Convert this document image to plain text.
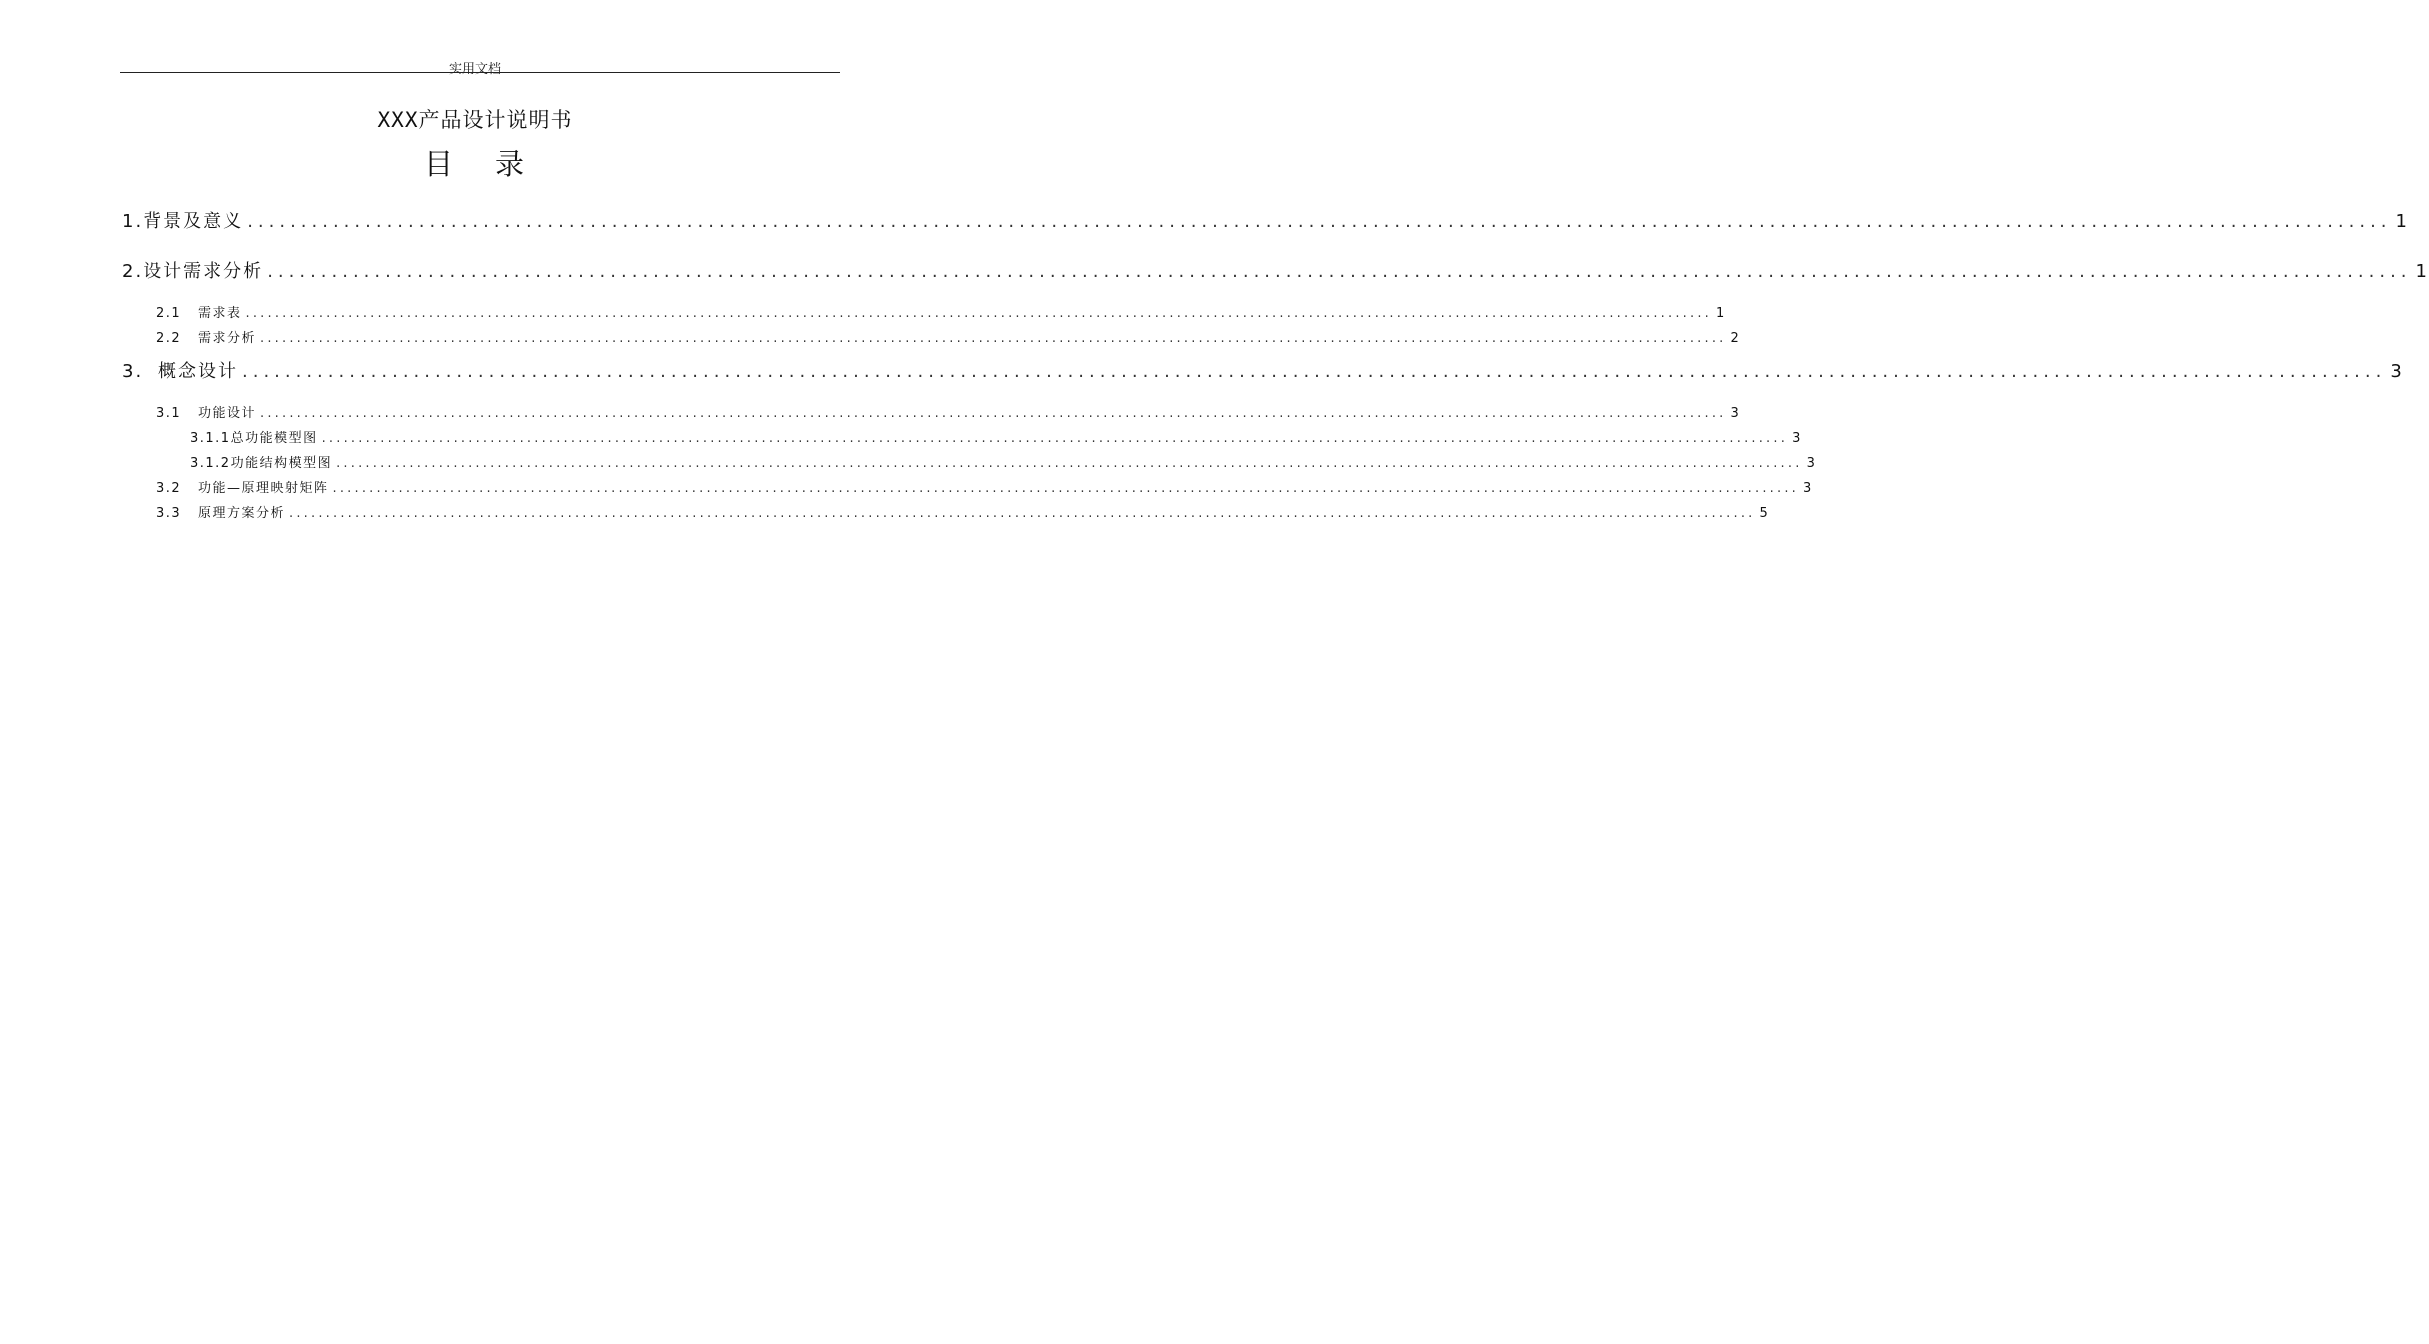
实用文档
XXX产品设计说明书
目 录
1. 背景及意义 ........................................................................................................................................................................................................ 1
2. 设计需求分析 ........................................................................................................................................................................................................ 1
2.1	需求表 ........................................................................................................................................................................................................ 1
2.2	需求分析 ........................................................................................................................................................................................................ 2
3. 概念设计 ........................................................................................................................................................................................................ 3
3.1	功能设计 ........................................................................................................................................................................................................ 3
3.1.1 总功能模型图 ........................................................................................................................................................................................................ 3
3.1.2 功能结构模型图 ........................................................................................................................................................................................................ 3
3.2	功能—原理映射矩阵 ........................................................................................................................................................................................................ 3
3.3	原理方案分析 ........................................................................................................................................................................................................ 5
